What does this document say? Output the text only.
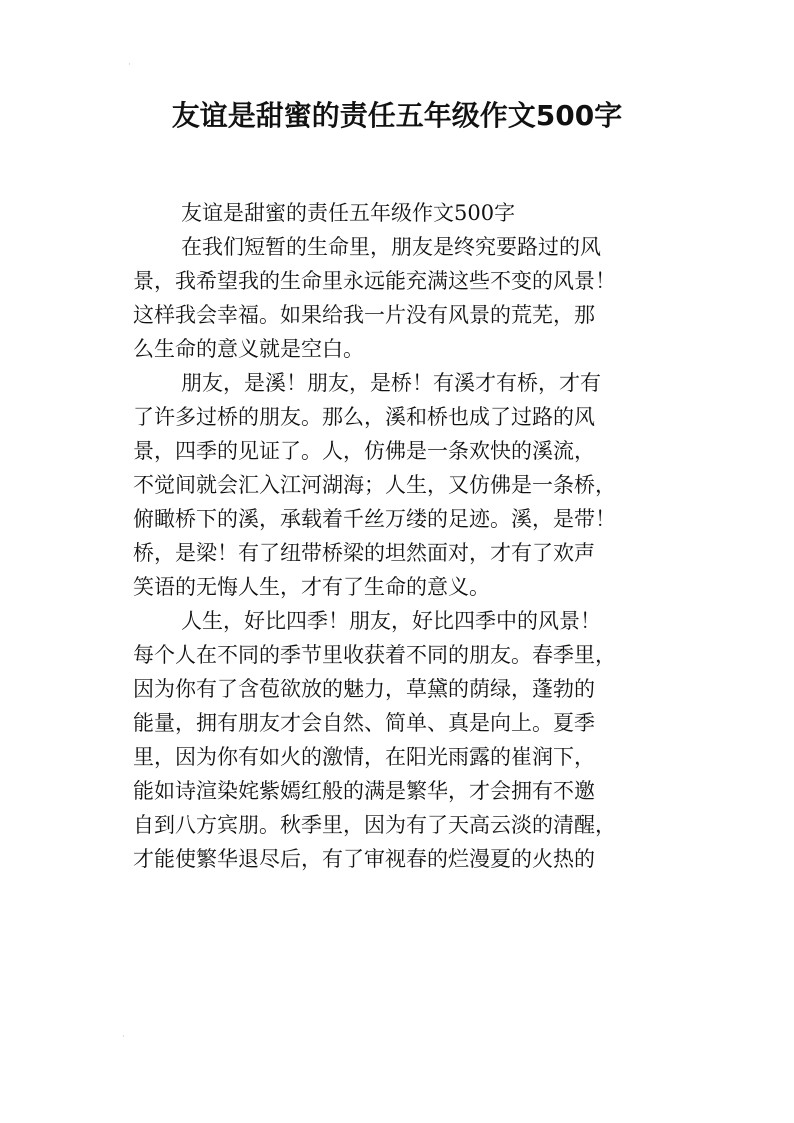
·
友谊是甜蜜的责任五年级作文500字
友谊是甜蜜的责任五年级作文500字
在我们短暂的生命里，朋友是终究要路过的风
景，我希望我的生命里永远能充满这些不变的风景！
这样我会幸福。如果给我一片没有风景的荒芜，那
么生命的意义就是空白。
朋友，是溪！朋友，是桥！有溪才有桥，才有
了许多过桥的朋友。那么，溪和桥也成了过路的风
景，四季的见证了。人，仿佛是一条欢快的溪流，
不觉间就会汇入江河湖海；人生，又仿佛是一条桥，
俯瞰桥下的溪，承载着千丝万缕的足迹。溪，是带！
桥，是梁！有了纽带桥梁的坦然面对，才有了欢声
笑语的无悔人生，才有了生命的意义。
人生，好比四季！朋友，好比四季中的风景！
每个人在不同的季节里收获着不同的朋友。春季里，
因为你有了含苞欲放的魅力，草黛的荫绿，蓬勃的
能量，拥有朋友才会自然、简单、真是向上。夏季
里，因为你有如火的激情，在阳光雨露的崔润下，
能如诗渲染姹紫嫣红般的满是繁华，才会拥有不邀
自到八方宾朋。秋季里，因为有了天高云淡的清醒，
才能使繁华退尽后，有了审视春的烂漫夏的火热的
·
